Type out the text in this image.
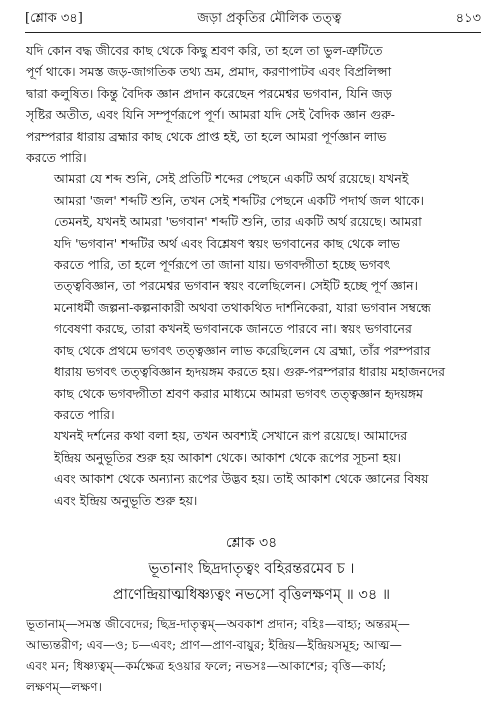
[শ্লোক ৩৪]	জড়া প্রকৃতির মৌলিক তত্ত্ব	৪১৩

যদি কোন বদ্ধ জীবের কাছ থেকে কিছু শ্রবণ করি, তা হলে তা ভুল-ত্রুটিতে
পূর্ণ থাকে। সমস্ত জড়-জাগতিক তথ্য ভ্রম, প্রমাদ, করণাপাটব এবং বিপ্রলিপ্সা
দ্বারা কলুষিত। কিন্তু বৈদিক জ্ঞান প্রদান করেছেন পরমেশ্বর ভগবান, যিনি জড়
সৃষ্টির অতীত, এবং যিনি সম্পূর্ণরূপে পূর্ণ। আমরা যদি সেই বৈদিক জ্ঞান গুরু-
পরম্পরার ধারায় ব্রহ্মার কাছ থেকে প্রাপ্ত হই, তা হলে আমরা পূর্ণজ্ঞান লাভ
করতে পারি।

আমরা যে শব্দ শুনি, সেই প্রতিটি শব্দের পেছনে একটি অর্থ রয়েছে। যখনই
আমরা 'জল' শব্দটি শুনি, তখন সেই শব্দটির পেছনে একটি পদার্থ জল থাকে।
তেমনই, যখনই আমরা 'ভগবান' শব্দটি শুনি, তার একটি অর্থ রয়েছে। আমরা
যদি 'ভগবান' শব্দটির অর্থ এবং বিশ্লেষণ স্বয়ং ভগবানের কাছ থেকে লাভ
করতে পারি, তা হলে পূর্ণরূপে তা জানা যায়। ভগবদ্গীতা হচ্ছে ভগবৎ
তত্ত্ববিজ্ঞান, তা পরমেশ্বর ভগবান স্বয়ং বলেছিলেন। সেইটি হচ্ছে পূর্ণ জ্ঞান।
মনোধর্মী জল্পনা-কল্পনাকারী অথবা তথাকথিত দার্শনিকেরা, যারা ভগবান সম্বন্ধে
গবেষণা করছে, তারা কখনই ভগবানকে জানতে পারবে না। স্বয়ং ভগবানের
কাছ থেকে প্রথমে ভগবৎ তত্ত্বজ্ঞান লাভ করেছিলেন যে ব্রহ্মা, তাঁর পরম্পরার
ধারায় ভগবৎ তত্ত্ববিজ্ঞান হৃদয়ঙ্গম করতে হয়। গুরু-পরম্পরার ধারায় মহাজনদের
কাছ থেকে ভগবদ্গীতা শ্রবণ করার মাধ্যমে আমরা ভগবৎ তত্ত্বজ্ঞান হৃদয়ঙ্গম
করতে পারি।

যখনই দর্শনের কথা বলা হয়, তখন অবশ্যই সেখানে রূপ রয়েছে। আমাদের
ইন্দ্রিয় অনুভূতির শুরু হয় আকাশ থেকে। আকাশ থেকে রূপের সূচনা হয়।
এবং আকাশ থেকে অন্যান্য রূপের উদ্ভব হয়। তাই আকাশ থেকে জ্ঞানের বিষয়
এবং ইন্দ্রিয় অনুভূতি শুরু হয়।

শ্লোক ৩৪
ভূতানাং ছিদ্রদাতৃত্বং বহিরন্তরমেব চ ।
প্রাণেন্দ্রিয়াত্মধিষ্ণ্যত্বং নভসো বৃত্তিলক্ষণম্ ॥ ৩৪ ॥
ভূতানাম্—সমস্ত জীবেদের; ছিদ্র-দাতৃত্বম্—অবকাশ প্রদান; বহিঃ—বাহ্য; অন্তরম্—
আভ্যন্তরীণ; এব—ও; চ—এবং; প্রাণ—প্রাণ-বায়ুর; ইন্দ্রিয়—ইন্দ্রিয়সমূহ; আত্ম—
এবং মন; ধিষ্ণ্যত্বম্—কর্মক্ষেত্র হওয়ার ফলে; নভসঃ—আকাশের; বৃত্তি—কার্য;
লক্ষণম্—লক্ষণ।
